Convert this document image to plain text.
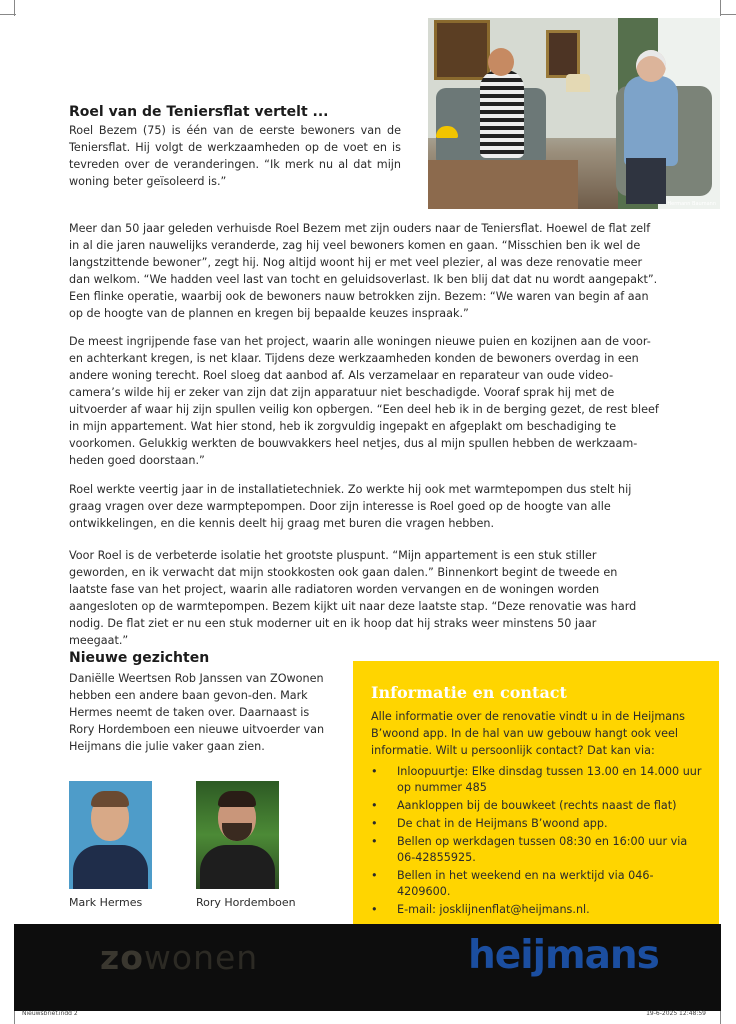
Hermann Baumann
Roel van de Teniersflat vertelt ...

Roel Bezem (75) is één van de eerste bewoners van de Teniersflat. Hij volgt de werkzaamheden op de voet en is tevreden over de veranderingen. “Ik merk nu al dat mijn woning beter geïsoleerd is.”

Meer dan 50 jaar geleden verhuisde Roel Bezem met zijn ouders naar de Teniersflat. Hoewel de flat zelf in al die jaren nauwelijks veranderde, zag hij veel bewoners komen en gaan. “Misschien ben ik wel de langstzittende bewoner”, zegt hij. Nog altijd woont hij er met veel plezier, al was deze renovatie meer dan welkom. “We hadden veel last van tocht en geluidsoverlast. Ik ben blij dat dat nu wordt aangepakt”. Een flinke operatie, waarbij ook de bewoners nauw betrokken zijn. Bezem: “We waren van begin af aan op de hoogte van de plannen en kregen bij bepaalde keuzes inspraak.”

De meest ingrijpende fase van het project, waarin alle woningen nieuwe puien en kozijnen aan de voor- en achterkant kregen, is net klaar. Tijdens deze werkzaamheden konden de bewoners overdag in een andere woning terecht. Roel sloeg dat aanbod af. Als verzamelaar en reparateur van oude video-camera’s wilde hij er zeker van zijn dat zijn apparatuur niet beschadigde. Vooraf sprak hij met de uitvoerder af waar hij zijn spullen veilig kon opbergen. “Een deel heb ik in de berging gezet, de rest bleef in mijn appartement. Wat hier stond, heb ik zorgvuldig ingepakt en afgeplakt om beschadiging te voorkomen. Gelukkig werkten de bouwvakkers heel netjes, dus al mijn spullen hebben de werkzaam-heden goed doorstaan.”

Roel werkte veertig jaar in de installatietechniek. Zo werkte hij ook met warmtepompen dus stelt hij graag vragen over deze warmptepompen. Door zijn interesse is Roel goed op de hoogte van alle ontwikkelingen, en die kennis deelt hij graag met buren die vragen hebben.

Voor Roel is de verbeterde isolatie het grootste pluspunt. “Mijn appartement is een stuk stiller geworden, en ik verwacht dat mijn stookkosten ook gaan dalen.” Binnenkort begint de tweede en laatste fase van het project, waarin alle radiatoren worden vervangen en de woningen worden aangesloten op de warmtepompen. Bezem kijkt uit naar deze laatste stap. “Deze renovatie was hard nodig. De flat ziet er nu een stuk moderner uit en ik hoop dat hij straks weer minstens 50 jaar meegaat.”

Nieuwe gezichten

Daniëlle Weertsen Rob Janssen van ZOwonen hebben een andere baan gevon-den. Mark Hermes neemt de taken over. Daarnaast is Rory Hordemboen een nieuwe uitvoerder van Heijmans die julie vaker gaan zien.

Mark Hermes	Rory Hordemboen
Informatie en contact

Alle informatie over de renovatie vindt u in de Heijmans B’woond app. In de hal van uw gebouw hangt ook veel informatie. Wilt u persoonlijk contact? Dat kan via:

• Inloopuurtje: Elke dinsdag tussen 13.00 en 14.000 uur op nummer 485
• Aankloppen bij de bouwkeet (rechts naast de flat)
• De chat in de Heijmans B’woond app.
• Bellen op werkdagen tussen 08:30 en 16:00 uur via 06-42855925.
• Bellen in het weekend en na werktijd via 046-4209600.
• E-mail: josklijnenflat@heijmans.nl.
•
zowonen	heijmans
Nieuwsbrief.indd 2	19-6-2025 12:48:59
